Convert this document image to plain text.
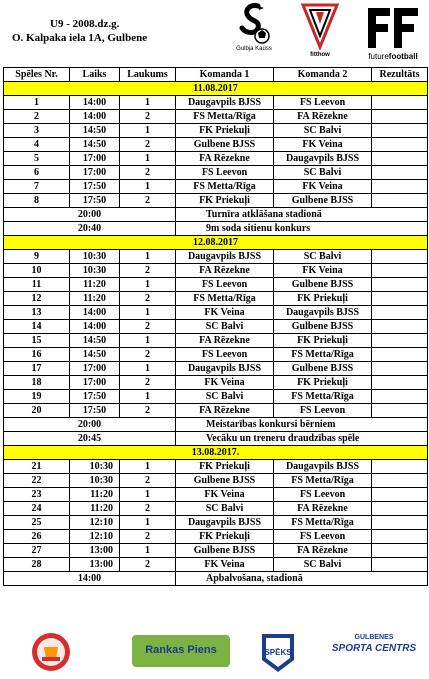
U9 - 2008.dz.g.
O. Kalpaka iela 1A, Gulbene
Gulbja Kauss
fitthow	futurefootball
Spēles Nr.	Laiks	Laukums	Komanda 1	Komanda 2	Rezultāts
11.08.2017					
1	14:00	1	Daugavpils BJSS	FS Leevon	
2	14:00	2	FS Metta/Rīga	FA Rēzekne	
3	14:50	1	FK Priekuļi	SC Balvi	
4	14:50	2	Gulbene BJSS	FK Veina	
5	17:00	1	FA Rēzekne	Daugavpils BJSS	
6	17:00	2	FS Leevon	SC Balvi	
7	17:50	1	FS Metta/Rīga	FK Veina	
8	17:50	2	FK Priekuļi	Gulbene BJSS	
20:00			Turnīra atklāšana stadionā		
20:40			9m soda sitienu konkurs		
12.08.2017					
9	10:30	1	Daugavpils BJSS	SC Balvi	
10	10:30	2	FA Rēzekne	FK Veina	
11	11:20	1	FS Leevon	Gulbene BJSS	
12	11:20	2	FS Metta/Rīga	FK Priekuļi	
13	14:00	1	FK Veina	Daugavpils BJSS	
14	14:00	2	SC Balvi	Gulbene BJSS	
15	14:50	1	FA Rēzekne	FK Priekuļi	
16	14:50	2	FS Leevon	FS Metta/Rīga	
17	17:00	1	Daugavpils BJSS	Gulbene BJSS	
18	17:00	2	FK Veina	FK Priekuļi	
19	17:50	1	SC Balvi	FS Metta/Rīga	
20	17:50	2	FA Rēzekne	FS Leevon	
20:00			Meistarības konkursi bērniem		
20:45			Vecāku un treneru draudzības spēle		
13.08.2017.					
21	10:30	1	FK Priekuļi	Daugavpils BJSS	
22	10:30	2	Gulbene BJSS	FS Metta/Rīga	
23	11:20	1	FK Veina	FS Leevon	
24	11:20	2	SC Balvi	FA Rēzekne	
25	12:10	1	Daugavpils BJSS	FS Metta/Rīga	
26	12:10	2	FK Priekuļi	FS Leevon	
27	13:00	1	Gulbene BJSS	FA Rēzekne	
28	13:00	2	FK Veina	SC Balvi	
14:00			Apbalvošana, stadionā		
Rankas Piens	SPĒKS
GULBENES
SPORTA CENTRS
